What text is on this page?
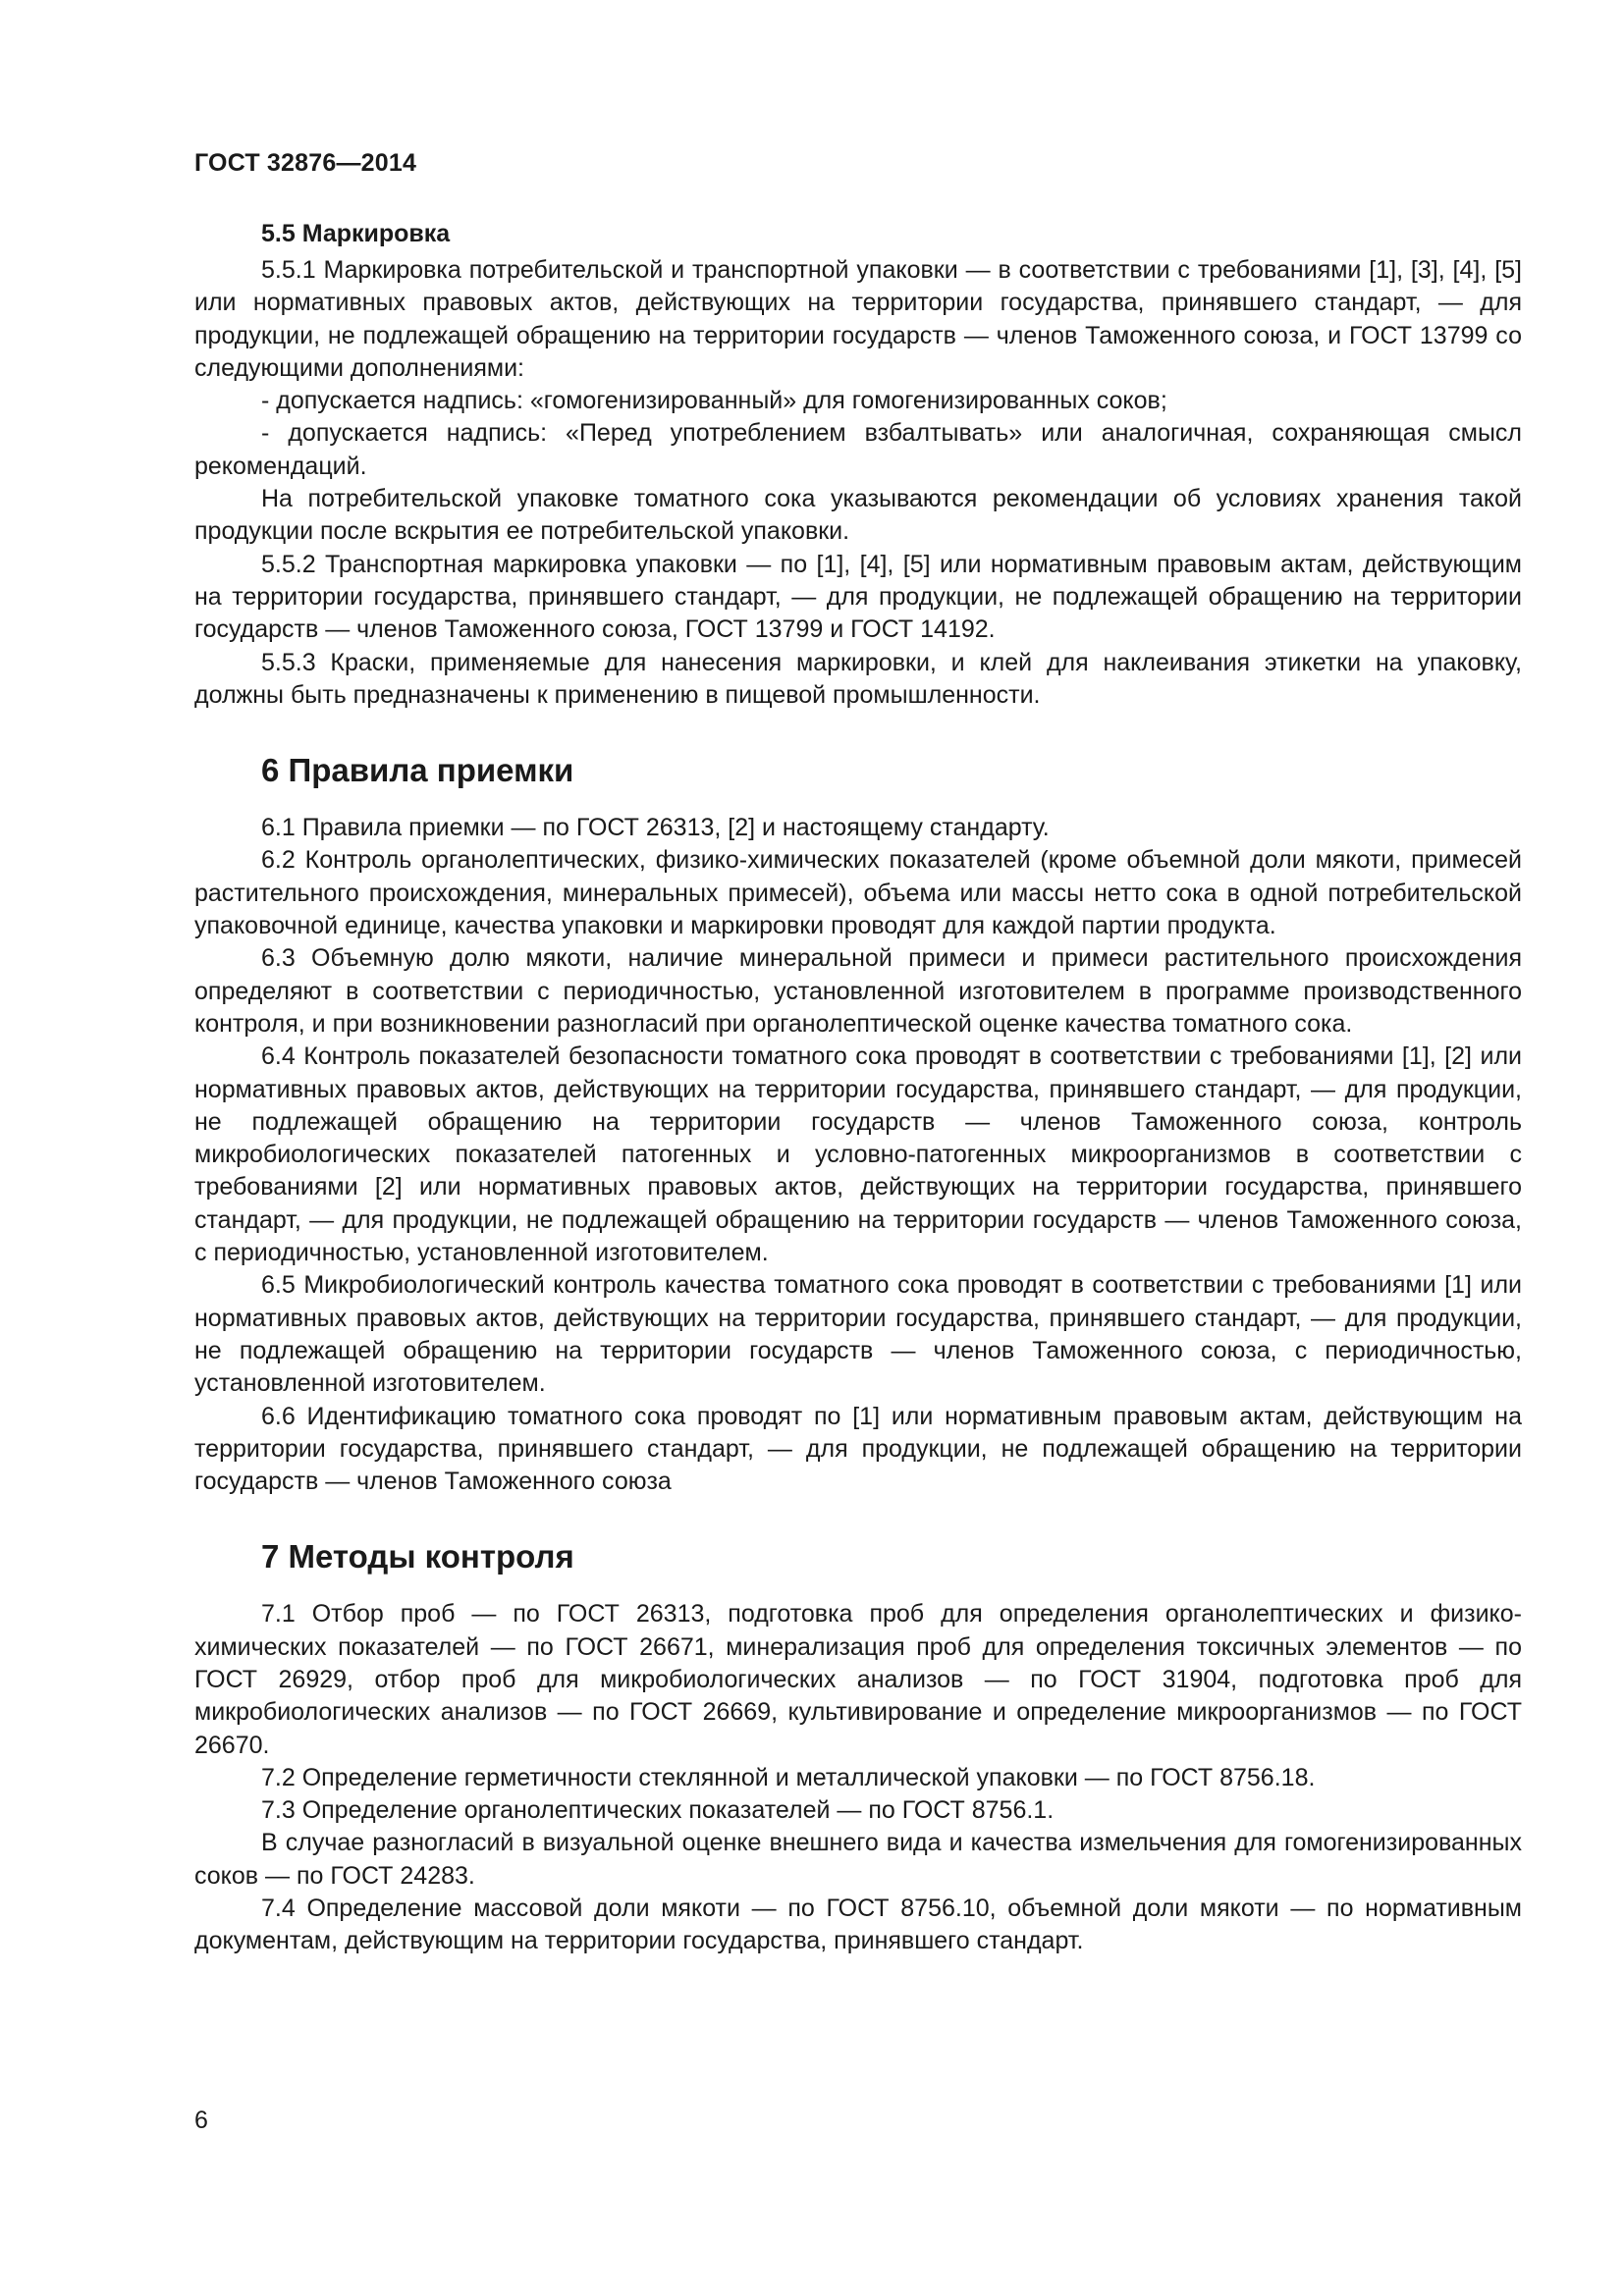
ГОСТ 32876—2014
5.5 Маркировка

5.5.1 Маркировка потребительской и транспортной упаковки — в соответствии с требованиями [1], [3], [4], [5] или нормативных правовых актов, действующих на территории государства, принявшего стандарт, — для продукции, не подлежащей обращению на территории государств — членов Таможенного союза, и ГОСТ 13799 со следующими дополнениями:

- допускается надпись: «гомогенизированный» для гомогенизированных соков;

- допускается надпись: «Перед употреблением взбалтывать» или аналогичная, сохраняющая смысл рекомендаций.

На потребительской упаковке томатного сока указываются рекомендации об условиях хранения такой продукции после вскрытия ее потребительской упаковки.

5.5.2 Транспортная маркировка упаковки — по [1], [4], [5] или нормативным правовым актам, действующим на территории государства, принявшего стандарт, — для продукции, не подлежащей обращению на территории государств — членов Таможенного союза, ГОСТ 13799 и ГОСТ 14192.

5.5.3 Краски, применяемые для нанесения маркировки, и клей для наклеивания этикетки на упаковку, должны быть предназначены к применению в пищевой промышленности.

6 Правила приемки

6.1 Правила приемки — по ГОСТ 26313, [2] и настоящему стандарту.

6.2 Контроль органолептических, физико-химических показателей (кроме объемной доли мякоти, примесей растительного происхождения, минеральных примесей), объема или массы нетто сока в одной потребительской упаковочной единице, качества упаковки и маркировки проводят для каждой партии продукта.

6.3 Объемную долю мякоти, наличие минеральной примеси и примеси растительного происхождения определяют в соответствии с периодичностью, установленной изготовителем в программе производственного контроля, и при возникновении разногласий при органолептической оценке качества томатного сока.

6.4 Контроль показателей безопасности томатного сока проводят в соответствии с требованиями [1], [2] или нормативных правовых актов, действующих на территории государства, принявшего стандарт, — для продукции, не подлежащей обращению на территории государств — членов Таможенного союза, контроль микробиологических показателей патогенных и условно-патогенных микроорганизмов в соответствии с требованиями [2] или нормативных правовых актов, действующих на территории государства, принявшего стандарт, — для продукции, не подлежащей обращению на территории государств — членов Таможенного союза, с периодичностью, установленной изготовителем.

6.5 Микробиологический контроль качества томатного сока проводят в соответствии с требованиями [1] или нормативных правовых актов, действующих на территории государства, принявшего стандарт, — для продукции, не подлежащей обращению на территории государств — членов Таможенного союза, с периодичностью, установленной изготовителем.

6.6 Идентификацию томатного сока проводят по [1] или нормативным правовым актам, действующим на территории государства, принявшего стандарт, — для продукции, не подлежащей обращению на территории государств — членов Таможенного союза

7 Методы контроля

7.1 Отбор проб — по ГОСТ 26313, подготовка проб для определения органолептических и физико-химических показателей — по ГОСТ 26671, минерализация проб для определения токсичных элементов — по ГОСТ 26929, отбор проб для микробиологических анализов — по ГОСТ 31904, подготовка проб для микробиологических анализов — по ГОСТ 26669, культивирование и определение микроорганизмов — по ГОСТ 26670.

7.2 Определение герметичности стеклянной и металлической упаковки — по ГОСТ 8756.18.

7.3 Определение органолептических показателей — по ГОСТ 8756.1.

В случае разногласий в визуальной оценке внешнего вида и качества измельчения для гомогенизированных соков — по ГОСТ 24283.

7.4 Определение массовой доли мякоти — по ГОСТ 8756.10, объемной доли мякоти — по нормативным документам, действующим на территории государства, принявшего стандарт.

6
